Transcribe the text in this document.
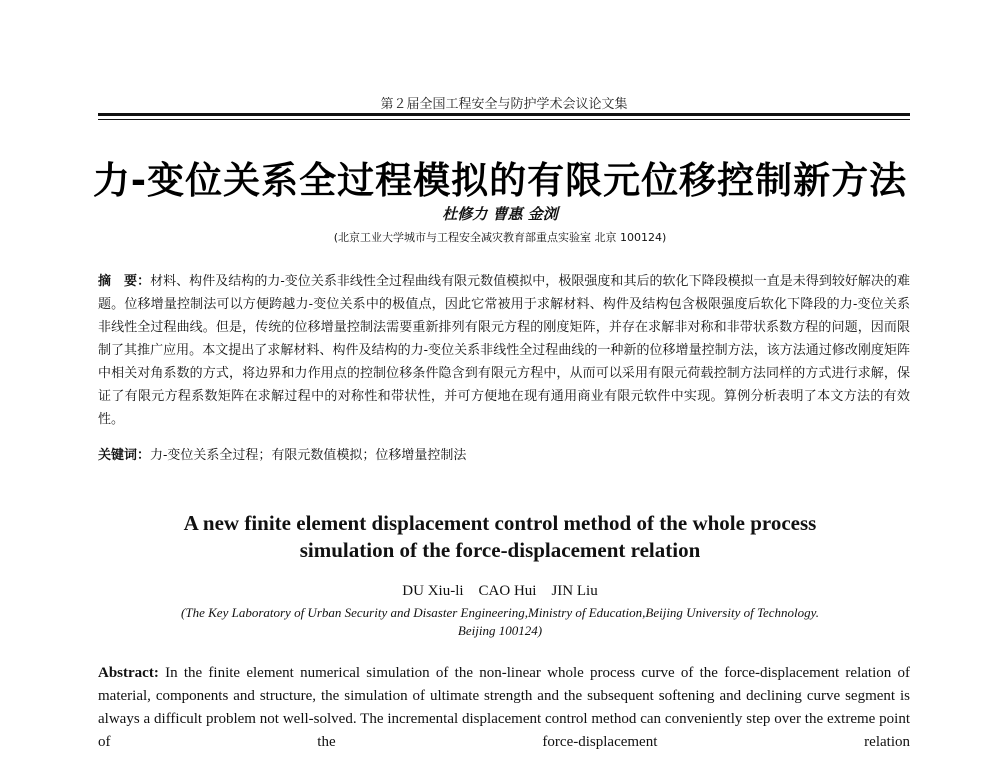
第２届全国工程安全与防护学术会议论文集
力-变位关系全过程模拟的有限元位移控制新方法
杜修力 曹惠 金浏
(北京工业大学城市与工程安全减灾教育部重点实验室 北京 100124)
摘　要：材料、构件及结构的力-变位关系非线性全过程曲线有限元数值模拟中，极限强度和其后的软化下降段模拟一直是未得到较好解决的难题。位移增量控制法可以方便跨越力-变位关系中的极值点，因此它常被用于求解材料、构件及结构包含极限强度后软化下降段的力-变位关系非线性全过程曲线。但是，传统的位移增量控制法需要重新排列有限元方程的刚度矩阵，并存在求解非对称和非带状系数方程的问题，因而限制了其推广应用。本文提出了求解材料、构件及结构的力-变位关系非线性全过程曲线的一种新的位移增量控制方法，该方法通过修改刚度矩阵中相关对角系数的方式，将边界和力作用点的控制位移条件隐含到有限元方程中，从而可以采用有限元荷载控制方法同样的方式进行求解，保证了有限元方程系数矩阵在求解过程中的对称性和带状性，并可方便地在现有通用商业有限元软件中实现。算例分析表明了本文方法的有效性。
关键词：力-变位关系全过程；有限元数值模拟；位移增量控制法
A new finite element displacement control method of the whole process
simulation of the force-displacement relation
DU Xiu-li    CAO Hui    JIN Liu
(The Key Laboratory of Urban Security and Disaster Engineering,Ministry of Education,Beijing University of Technology.
Beijing 100124)
Abstract: In the finite element numerical simulation of the non-linear whole process curve of the force-displacement relation of material, components and structure, the simulation of ultimate strength and the subsequent softening and declining curve segment is always a difficult problem not well-solved. The incremental displacement control method can conveniently step over the extreme point of the force-displacement relation
